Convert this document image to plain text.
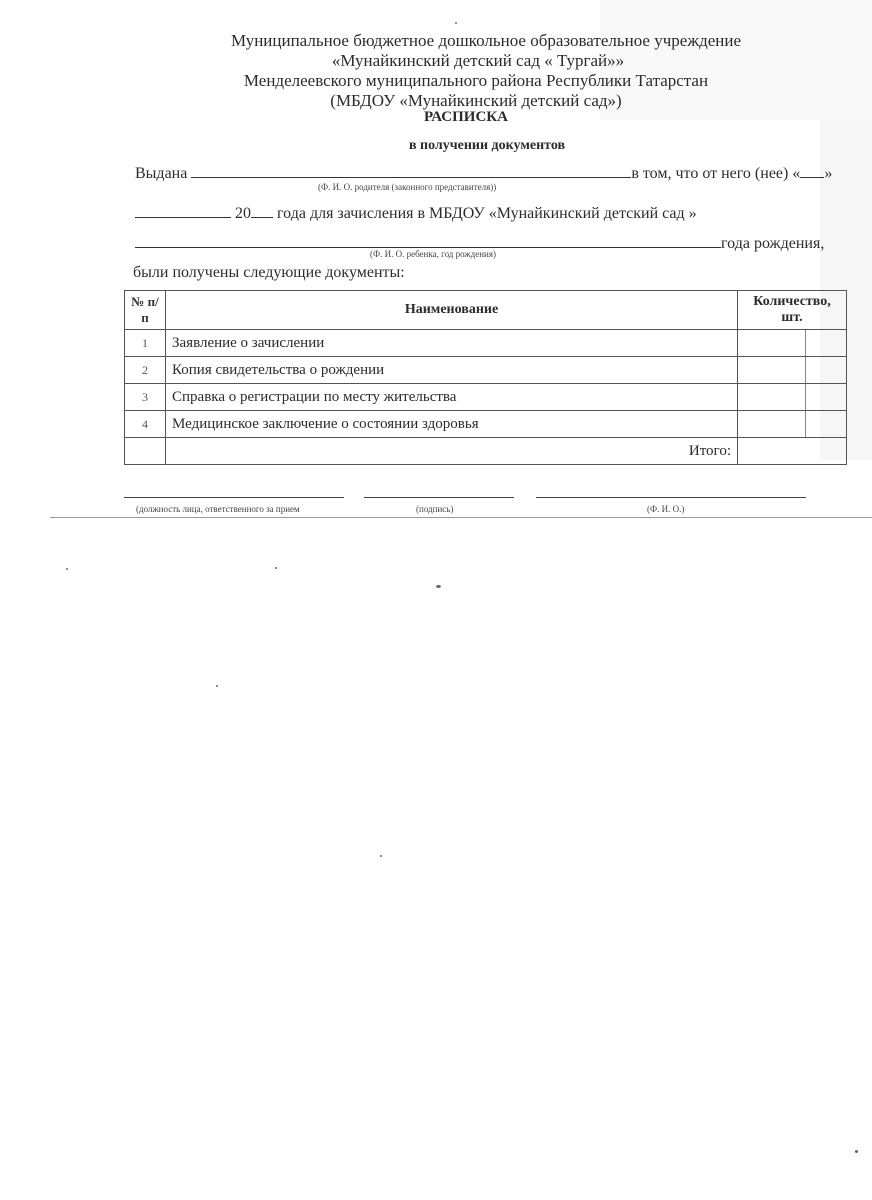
Муниципальное бюджетное дошкольное образовательное учреждение
«Мунайкинский детский сад « Тургай»»
Менделеевского муниципального района Республики Татарстан
(МБДОУ «Мунайкинский детский сад»)
РАСПИСКА
в получении документов
Выдана	в том, что от него (нее) « »
(Ф. И. О. родителя (законного представителя))
20 года для зачисления в МБДОУ «Мунайкинский детский сад »
года рождения,
(Ф. И. О. ребенка, год рождения)
были получены следующие документы:
№ п/п	Наименование	Количество, шт.
1	Заявление о зачислении	

2	Копия свидетельства о рождении	

3	Справка о регистрации по месту жительства	

4	Медицинское заключение о состоянии здоровья	

	Итого:	
(должность лица, ответственного за прием	(подпись)	(Ф. И. О.)
